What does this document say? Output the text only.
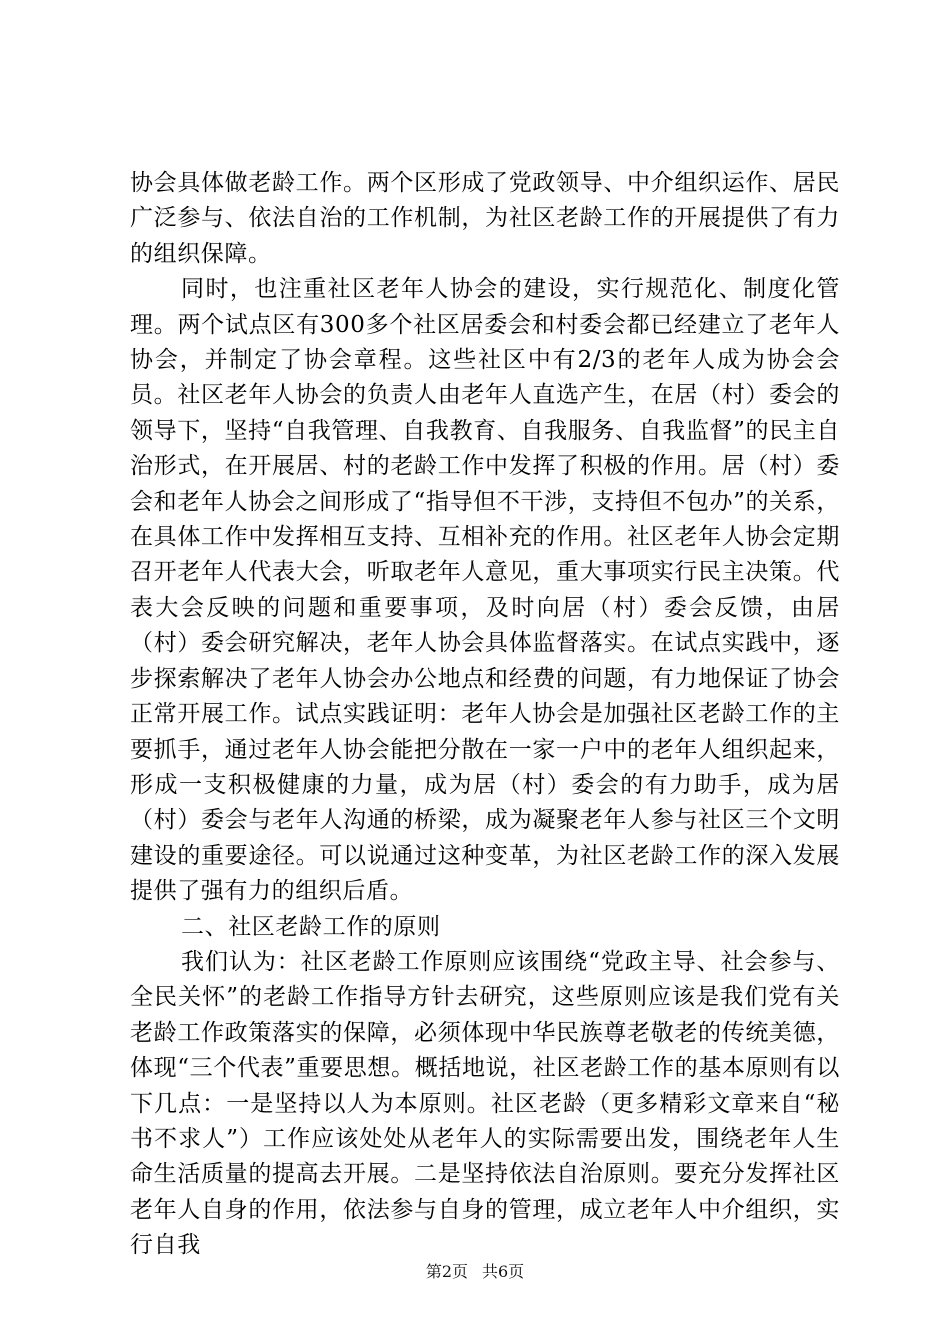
协会具体做老龄工作。两个区形成了党政领导、中介组织运作、居民广泛参与、依法自治的工作机制，为社区老龄工作的开展提供了有力的组织保障。

同时，也注重社区老年人协会的建设，实行规范化、制度化管理。两个试点区有300多个社区居委会和村委会都已经建立了老年人协会，并制定了协会章程。这些社区中有2/3的老年人成为协会会员。社区老年人协会的负责人由老年人直选产生，在居（村）委会的领导下，坚持“自我管理、自我教育、自我服务、自我监督”的民主自治形式，在开展居、村的老龄工作中发挥了积极的作用。居（村）委会和老年人协会之间形成了“指导但不干涉，支持但不包办”的关系，在具体工作中发挥相互支持、互相补充的作用。社区老年人协会定期召开老年人代表大会，听取老年人意见，重大事项实行民主决策。代表大会反映的问题和重要事项，及时向居（村）委会反馈，由居（村）委会研究解决，老年人协会具体监督落实。在试点实践中，逐步探索解决了老年人协会办公地点和经费的问题，有力地保证了协会正常开展工作。试点实践证明：老年人协会是加强社区老龄工作的主要抓手，通过老年人协会能把分散在一家一户中的老年人组织起来，形成一支积极健康的力量，成为居（村）委会的有力助手，成为居（村）委会与老年人沟通的桥梁，成为凝聚老年人参与社区三个文明建设的重要途径。可以说通过这种变革，为社区老龄工作的深入发展提供了强有力的组织后盾。

二、社区老龄工作的原则

我们认为：社区老龄工作原则应该围绕“党政主导、社会参与、全民关怀”的老龄工作指导方针去研究，这些原则应该是我们党有关老龄工作政策落实的保障，必须体现中华民族尊老敬老的传统美德，体现“三个代表”重要思想。概括地说，社区老龄工作的基本原则有以下几点：一是坚持以人为本原则。社区老龄（更多精彩文章来自“秘书不求人”）工作应该处处从老年人的实际需要出发，围绕老年人生命生活质量的提高去开展。二是坚持依法自治原则。要充分发挥社区老年人自身的作用，依法参与自身的管理，成立老年人中介组织，实行自我

第2页 共6页
